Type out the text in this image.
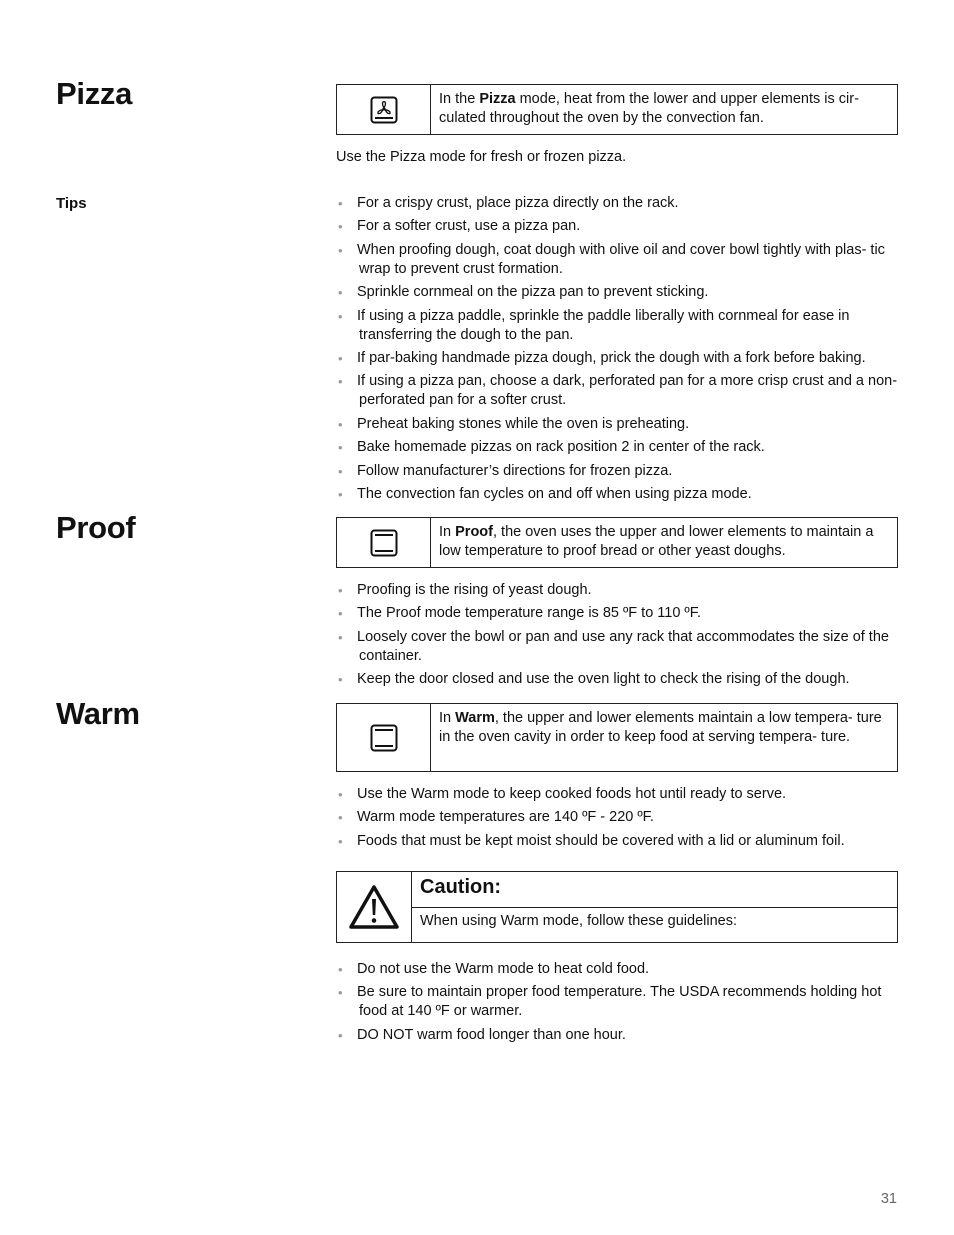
Pizza	In the Pizza mode, heat from the lower and upper elements is cir- culated throughout the oven by the convection fan.

Use the Pizza mode for fresh or frozen pizza.

Tips
•	For a crispy crust, place pizza directly on the rack.
• For a softer crust, use a pizza pan.
• When proofing dough, coat dough with olive oil and cover bowl tightly with plas- tic wrap to prevent crust formation.
• Sprinkle cornmeal on the pizza pan to prevent sticking.
• If using a pizza paddle, sprinkle the paddle liberally with cornmeal for ease in transferring the dough to the pan.
• If par-baking handmade pizza dough, prick the dough with a fork before baking.
• If using a pizza pan, choose a dark, perforated pan for a more crisp crust and a non-perforated pan for a softer crust.
• Preheat baking stones while the oven is preheating.
• Bake homemade pizzas on rack position 2 in center of the rack.
• Follow manufacturer’s directions for frozen pizza.
• The convection fan cycles on and off when using pizza mode.
Proof	In Proof, the oven uses the upper and lower elements to maintain a low temperature to proof bread or other yeast doughs.
• Proofing is the rising of yeast dough.
• The Proof mode temperature range is 85 ºF to 110 ºF.
• Loosely cover the bowl or pan and use any rack that accommodates the size of the container.
• Keep the door closed and use the oven light to check the rising of the dough.
Warm	In Warm, the upper and lower elements maintain a low tempera- ture in the oven cavity in order to keep food at serving tempera- ture.
• Use the Warm mode to keep cooked foods hot until ready to serve.
• Warm mode temperatures are 140 ºF - 220 ºF.
• Foods that must be kept moist should be covered with a lid or aluminum foil.
Caution:
When using Warm mode, follow these guidelines:
• Do not use the Warm mode to heat cold food.
• Be sure to maintain proper food temperature. The USDA recommends holding hot food at 140 ºF or warmer.
• DO NOT warm food longer than one hour.
31
